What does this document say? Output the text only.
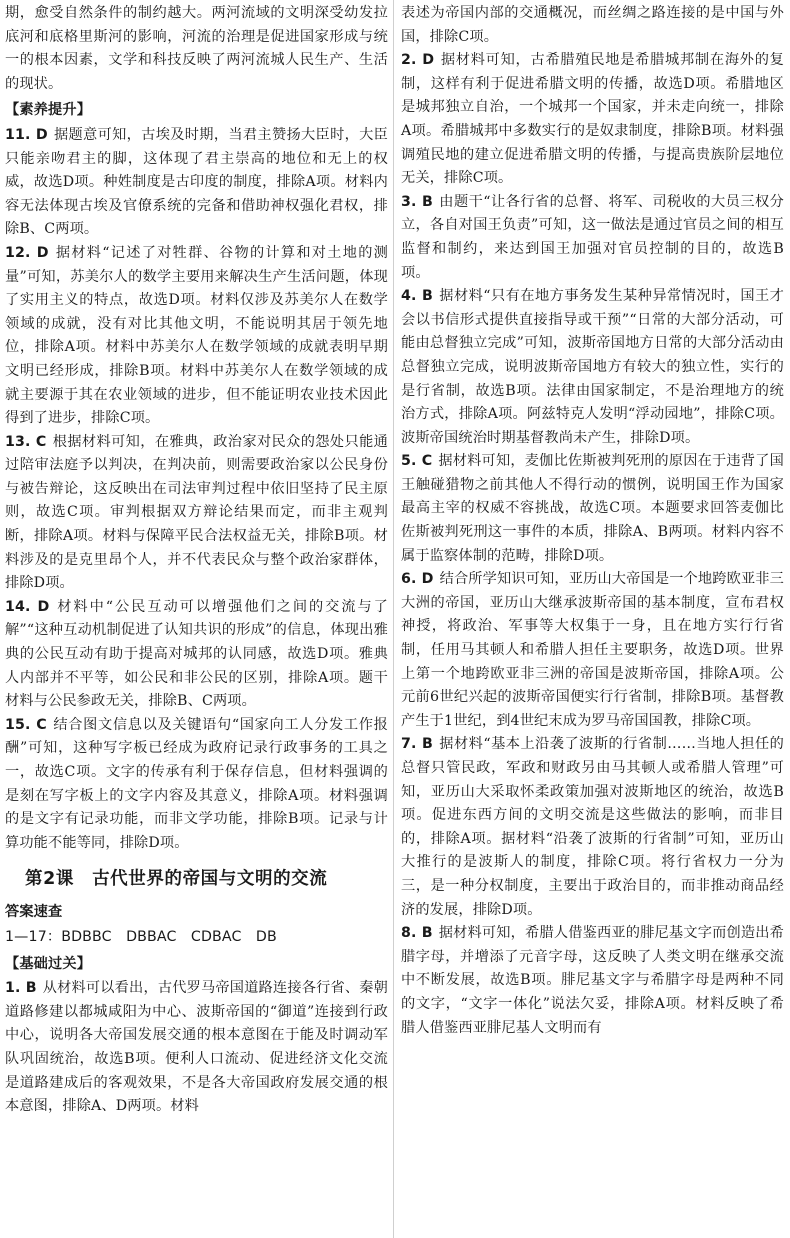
期，愈受自然条件的制约越大。两河流域的文明深受幼发拉底河和底格里斯河的影响，河流的治理是促进国家形成与统一的根本因素，文学和科技反映了两河流城人民生产、生活的现状。

【素养提升】

11. D 据题意可知，古埃及时期，当君主赞扬大臣时，大臣只能亲吻君主的脚，这体现了君主崇高的地位和无上的权威，故选D项。种姓制度是古印度的制度，排除A项。材料内容无法体现古埃及官僚系统的完备和借助神权强化君权，排除B、C两项。

12. D 据材料“记述了对牲群、谷物的计算和对土地的测量”可知，苏美尔人的数学主要用来解决生产生活问题，体现了实用主义的特点，故选D项。材料仅涉及苏美尔人在数学领域的成就，没有对比其他文明，不能说明其居于领先地位，排除A项。材料中苏美尔人在数学领域的成就表明早期文明已经形成，排除B项。材料中苏美尔人在数学领域的成就主要源于其在农业领域的进步，但不能证明农业技术因此得到了进步，排除C项。

13. C 根据材料可知，在雅典，政治家对民众的怨处只能通过陪审法庭予以判决，在判决前，则需要政治家以公民身份与被告辩论，这反映出在司法审判过程中依旧坚持了民主原则，故选C项。审判根据双方辩论结果而定，而非主观判断，排除A项。材料与保障平民合法权益无关，排除B项。材料涉及的是克里昂个人，并不代表民众与整个政治家群体，排除D项。

14. D 材料中“公民互动可以增强他们之间的交流与了解”“这种互动机制促进了认知共识的形成”的信息，体现出雅典的公民互动有助于提高对城邦的认同感，故选D项。雅典人内部并不平等，如公民和非公民的区别，排除A项。题干材料与公民参政无关，排除B、C两项。

15. C 结合图文信息以及关键语句“国家向工人分发工作报酬”可知，这种写字板已经成为政府记录行政事务的工具之一，故选C项。文字的传承有利于保存信息，但材料强调的是刻在写字板上的文字内容及其意义，排除A项。材料强调的是文字有记录功能，而非文学功能，排除B项。记录与计算功能不能等同，排除D项。

第2课　古代世界的帝国与文明的交流
答案速查
1—17：BDBBC　DBBAC　CDBAC　DB
【基础过关】

1. B 从材料可以看出，古代罗马帝国道路连接各行省、秦朝道路修建以都城咸阳为中心、波斯帝国的“御道”连接到行政中心，说明各大帝国发展交通的根本意图在于能及时调动军队巩固统治，故选B项。便利人口流动、促进经济文化交流是道路建成后的客观效果，不是各大帝国政府发展交通的根本意图，排除A、D两项。材料

表述为帝国内部的交通概况，而丝绸之路连接的是中国与外国，排除C项。

2. D 据材料可知，古希腊殖民地是希腊城邦制在海外的复制，这样有利于促进希腊文明的传播，故选D项。希腊地区是城邦独立自治，一个城邦一个国家，并未走向统一，排除A项。希腊城邦中多数实行的是奴隶制度，排除B项。材料强调殖民地的建立促进希腊文明的传播，与提高贵族阶层地位无关，排除C项。

3. B 由题干“让各行省的总督、将军、司税收的大员三权分立，各自对国王负责”可知，这一做法是通过官员之间的相互监督和制约，来达到国王加强对官员控制的目的，故选B项。

4. B 据材料“只有在地方事务发生某种异常情况时，国王才会以书信形式提供直接指导或干预”“日常的大部分活动，可能由总督独立完成”可知，波斯帝国地方日常的大部分活动由总督独立完成，说明波斯帝国地方有较大的独立性，实行的是行省制，故选B项。法律由国家制定，不是治理地方的统治方式，排除A项。阿兹特克人发明“浮动园地”，排除C项。波斯帝国统治时期基督教尚未产生，排除D项。

5. C 据材料可知，麦伽比佐斯被判死刑的原因在于违背了国王触碰猎物之前其他人不得行动的惯例，说明国王作为国家最高主宰的权威不容挑战，故选C项。本题要求回答麦伽比佐斯被判死刑这一事件的本质，排除A、B两项。材料内容不属于监察体制的范畴，排除D项。

6. D 结合所学知识可知，亚历山大帝国是一个地跨欧亚非三大洲的帝国，亚历山大继承波斯帝国的基本制度，宣布君权神授，将政治、军事等大权集于一身，且在地方实行行省制，任用马其顿人和希腊人担任主要职务，故选D项。世界上第一个地跨欧亚非三洲的帝国是波斯帝国，排除A项。公元前6世纪兴起的波斯帝国便实行行省制，排除B项。基督教产生于1世纪，到4世纪末成为罗马帝国国教，排除C项。

7. B 据材料“基本上沿袭了波斯的行省制……当地人担任的总督只管民政，军政和财政另由马其顿人或希腊人管理”可知，亚历山大采取怀柔政策加强对波斯地区的统治，故选B项。促进东西方间的文明交流是这些做法的影响，而非目的，排除A项。据材料“沿袭了波斯的行省制”可知，亚历山大推行的是波斯人的制度，排除C项。将行省权力一分为三，是一种分权制度，主要出于政治目的，而非推动商品经济的发展，排除D项。

8. B 据材料可知，希腊人借鉴西亚的腓尼基文字而创造出希腊字母，并增添了元音字母，这反映了人类文明在继承交流中不断发展，故选B项。腓尼基文字与希腊字母是两种不同的文字，“文字一体化”说法欠妥，排除A项。材料反映了希腊人借鉴西亚腓尼基人文明而有
